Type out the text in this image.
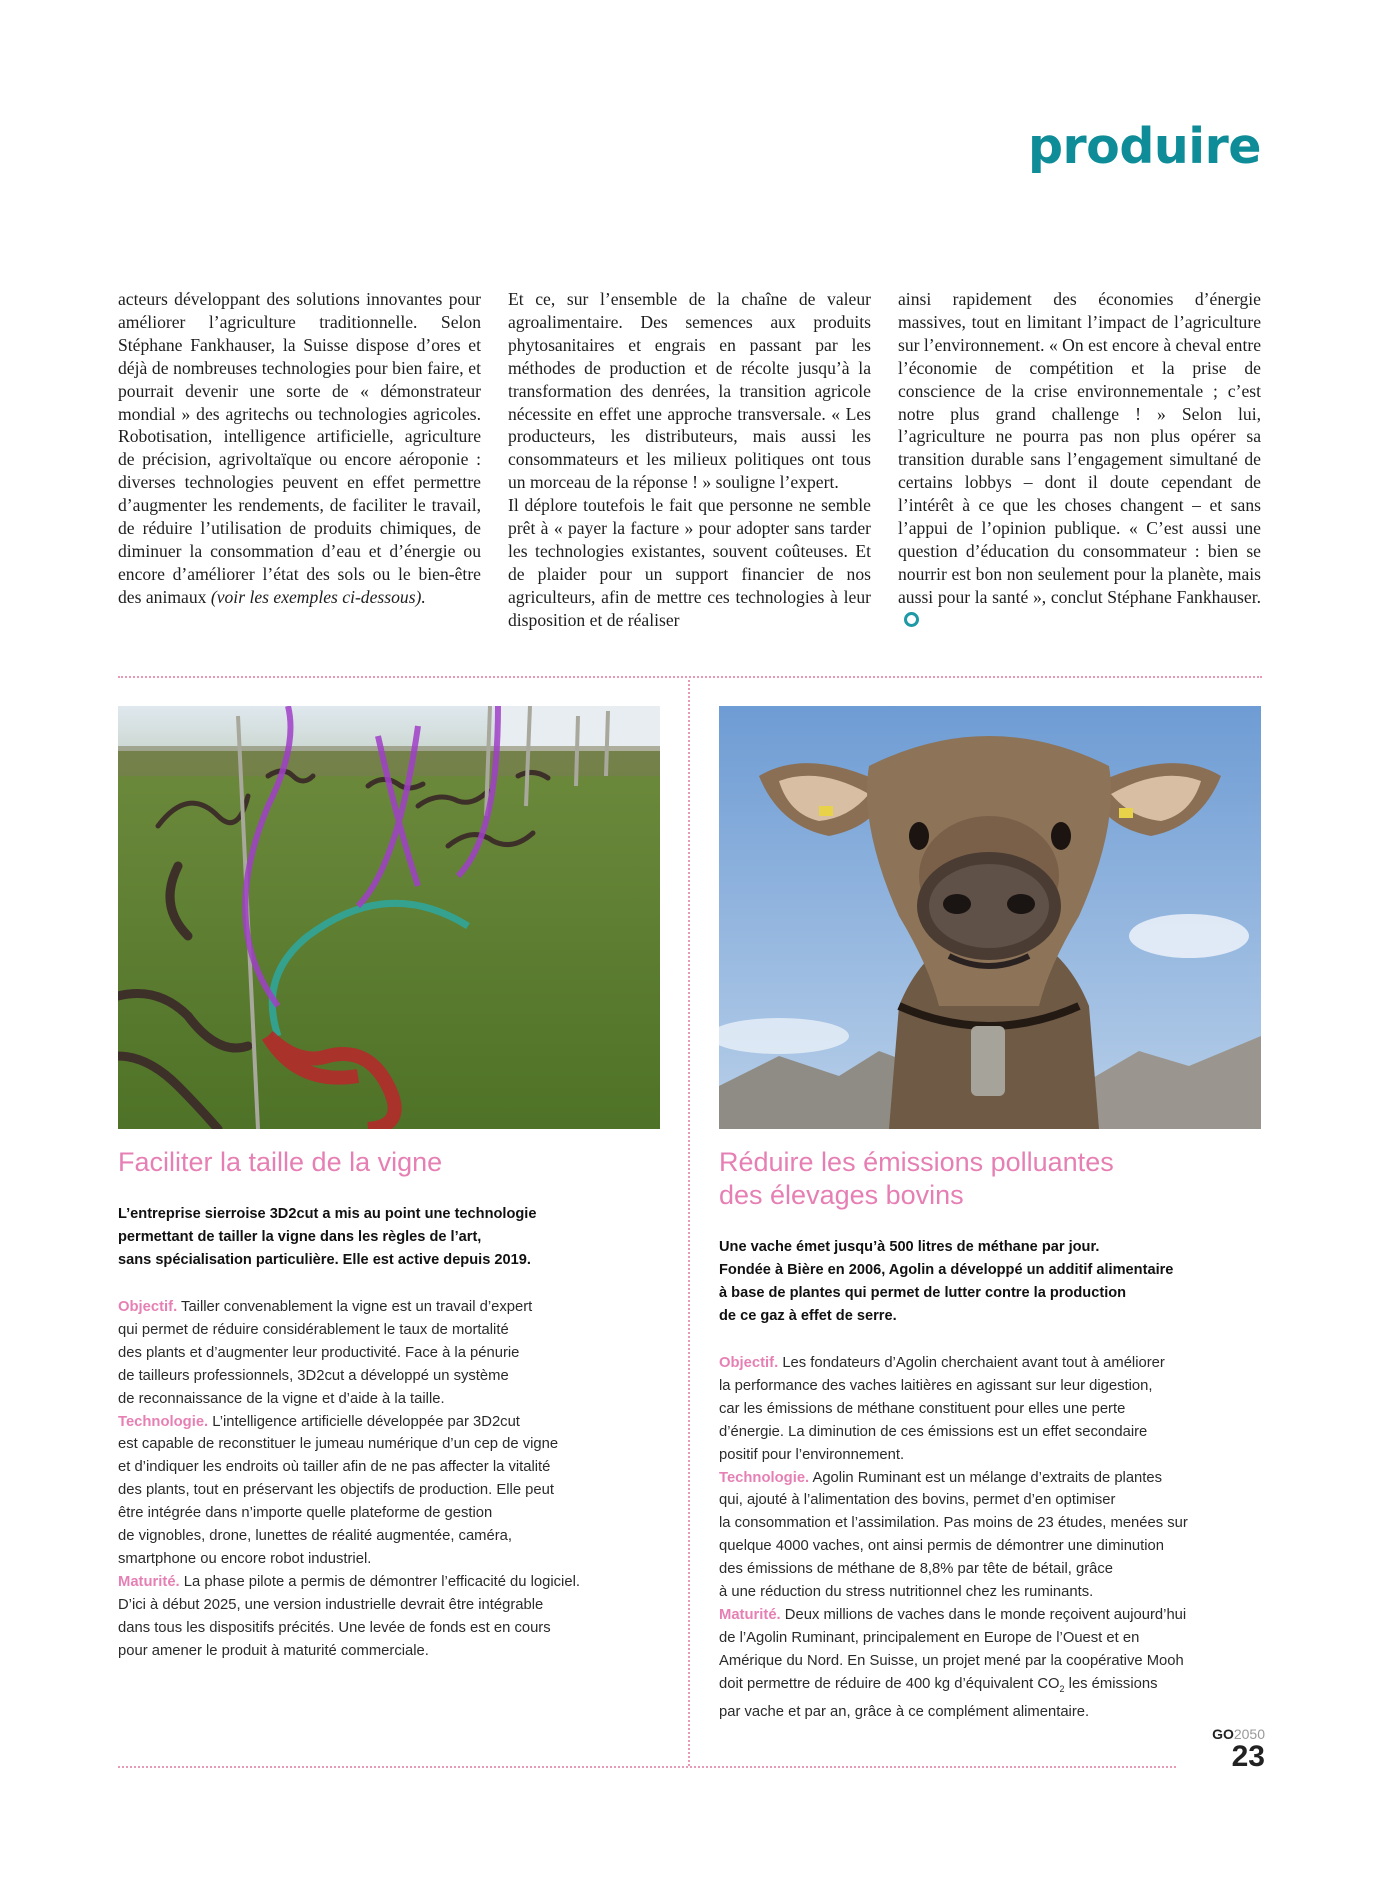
produire

acteurs développant des solutions innovantes pour améliorer l’agriculture traditionnelle. Selon Stéphane Fankhauser, la Suisse dispose d’ores et déjà de nombreuses technologies pour bien faire, et pourrait devenir une sorte de « démonstrateur mondial » des agritechs ou technologies agricoles. Robotisation, intelligence artificielle, agriculture de précision, agrivoltaïque ou encore aéroponie : diverses technologies peuvent en effet permettre d’augmenter les rendements, de faciliter le travail, de réduire l’utilisation de produits chimiques, de diminuer la consommation d’eau et d’énergie ou encore d’améliorer l’état des sols ou le bien-être des animaux (voir les exemples ci-dessous).

Et ce, sur l’ensemble de la chaîne de valeur agroalimentaire. Des semences aux produits phytosanitaires et engrais en passant par les méthodes de production et de récolte jusqu’à la transformation des denrées, la transition agricole nécessite en effet une approche transversale. « Les producteurs, les distributeurs, mais aussi les consommateurs et les milieux politiques ont tous un morceau de la réponse ! » souligne l’expert.

Il déplore toutefois le fait que personne ne semble prêt à « payer la facture » pour adopter sans tarder les technologies existantes, souvent coûteuses. Et de plaider pour un support financier de nos agriculteurs, afin de mettre ces technologies à leur disposition et de réaliser

ainsi rapidement des économies d’énergie massives, tout en limitant l’impact de l’agriculture sur l’environnement. « On est encore à cheval entre l’économie de compétition et la prise de conscience de la crise environnementale ; c’est notre plus grand challenge ! » Selon lui, l’agriculture ne pourra pas non plus opérer sa transition durable sans l’engagement simultané de certains lobbys – dont il doute cependant de l’intérêt à ce que les choses changent – et sans l’appui de l’opinion publique. « C’est aussi une question d’éducation du consommateur : bien se nourrir est bon non seulement pour la planète, mais aussi pour la santé », conclut Stéphane Fankhauser.

Faciliter la taille de la vigne

L’entreprise sierroise 3D2cut a mis au point une technologie
permettant de tailler la vigne dans les règles de l’art,
sans spécialisation particulière. Elle est active depuis 2019.

Objectif. Tailler convenablement la vigne est un travail d’expert
qui permet de réduire considérablement le taux de mortalité
des plants et d’augmenter leur productivité. Face à la pénurie
de tailleurs professionnels, 3D2cut a développé un système
de reconnaissance de la vigne et d’aide à la taille.
Technologie. L’intelligence artificielle développée par 3D2cut
est capable de reconstituer le jumeau numérique d’un cep de vigne
et d’indiquer les endroits où tailler afin de ne pas affecter la vitalité
des plants, tout en préservant les objectifs de production. Elle peut
être intégrée dans n’importe quelle plateforme de gestion
de vignobles, drone, lunettes de réalité augmentée, caméra,
smartphone ou encore robot industriel.
Maturité. La phase pilote a permis de démontrer l’efficacité du logiciel.
D’ici à début 2025, une version industrielle devrait être intégrable
dans tous les dispositifs précités. Une levée de fonds est en cours
pour amener le produit à maturité commerciale.
Réduire les émissions polluantes
des élevages bovins

Une vache émet jusqu’à 500 litres de méthane par jour.
Fondée à Bière en 2006, Agolin a développé un additif alimentaire
à base de plantes qui permet de lutter contre la production
de ce gaz à effet de serre.

Objectif. Les fondateurs d’Agolin cherchaient avant tout à améliorer
la performance des vaches laitières en agissant sur leur digestion,
car les émissions de méthane constituent pour elles une perte
d’énergie. La diminution de ces émissions est un effet secondaire
positif pour l’environnement.
Technologie. Agolin Ruminant est un mélange d’extraits de plantes
qui, ajouté à l’alimentation des bovins, permet d’en optimiser
la consommation et l’assimilation. Pas moins de 23 études, menées sur
quelque 4000 vaches, ont ainsi permis de démontrer une diminution
des émissions de méthane de 8,8% par tête de bétail, grâce
à une réduction du stress nutritionnel chez les ruminants.
Maturité. Deux millions de vaches dans le monde reçoivent aujourd’hui
de l’Agolin Ruminant, principalement en Europe de l’Ouest et en
Amérique du Nord. En Suisse, un projet mené par la coopérative Mooh
doit permettre de réduire de 400 kg d’équivalent $CO_2$ les émissions
par vache et par an, grâce à ce complément alimentaire.
GO2050
23
